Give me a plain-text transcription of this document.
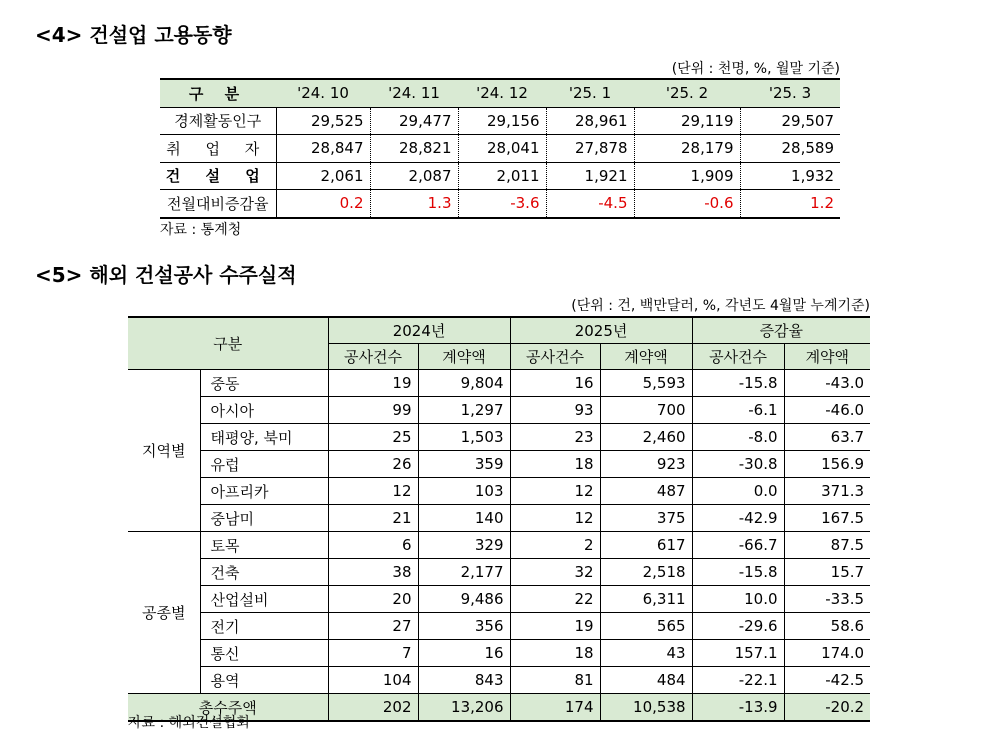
<4> 건설업 고용동향
(단위 : 천명, %, 월말 기준)
구 분	'24. 10	'24. 11	'24. 12	'25. 1	'25. 2	'25. 3
경제활동인구	29,525	29,477	29,156	28,961	29,119	29,507
취 업 자	28,847	28,821	28,041	27,878	28,179	28,589
건 설 업	2,061	2,087	2,011	1,921	1,909	1,932
전월대비증감율	0.2	1.3	-3.6	-4.5	-0.6	1.2
자료 : 통계청
<5> 해외 건설공사 수주실적
(단위 : 건, 백만달러, %, 각년도 4월말 누계기준)
구분		2024년		2025년		증감율	
		공사건수	계약액	공사건수	계약액	공사건수	계약액
지역별	중동	19	9,804	16	5,593	-15.8	-43.0
	아시아	99	1,297	93	700	-6.1	-46.0
	태평양, 북미	25	1,503	23	2,460	-8.0	63.7
	유럽	26	359	18	923	-30.8	156.9
	아프리카	12	103	12	487	0.0	371.3
	중남미	21	140	12	375	-42.9	167.5
공종별	토목	6	329	2	617	-66.7	87.5
	건축	38	2,177	32	2,518	-15.8	15.7
	산업설비	20	9,486	22	6,311	10.0	-33.5
	전기	27	356	19	565	-29.6	58.6
	통신	7	16	18	43	157.1	174.0
	용역	104	843	81	484	-22.1	-42.5
총수주액		202	13,206	174	10,538	-13.9	-20.2
자료 : 해외건설협회
